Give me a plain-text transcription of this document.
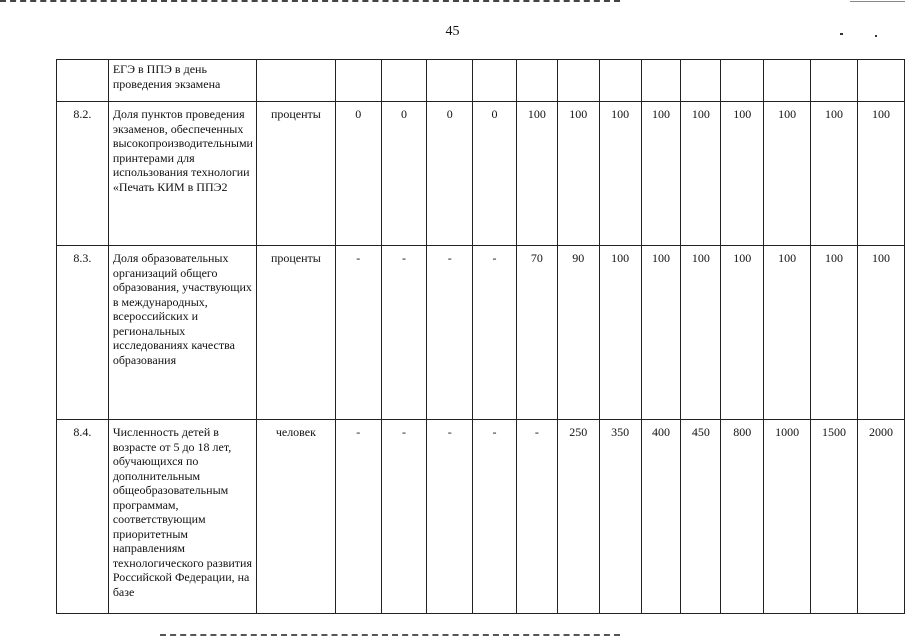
45
	ЕГЭ в ППЭ в день проведения экзамена														
8.2.	Доля пунктов проведения экзаменов, обеспеченных высокопроизводительными принтерами для использования технологии «Печать КИМ в ППЭ2	проценты	0	0	0	0	100	100	100	100	100	100	100	100	100
8.3.	Доля образовательных организаций общего образования, участвующих в международных, всероссийских и региональных исследованиях качества образования	проценты	-	-	-	-	70	90	100	100	100	100	100	100	100
8.4.	Численность детей в возрасте от 5 до 18 лет, обучающихся по дополнительным общеобразовательным программам, соответствующим приоритетным направлениям технологического развития Российской Федерации, на базе	человек	-	-	-	-	-	250	350	400	450	800	1000	1500	2000
